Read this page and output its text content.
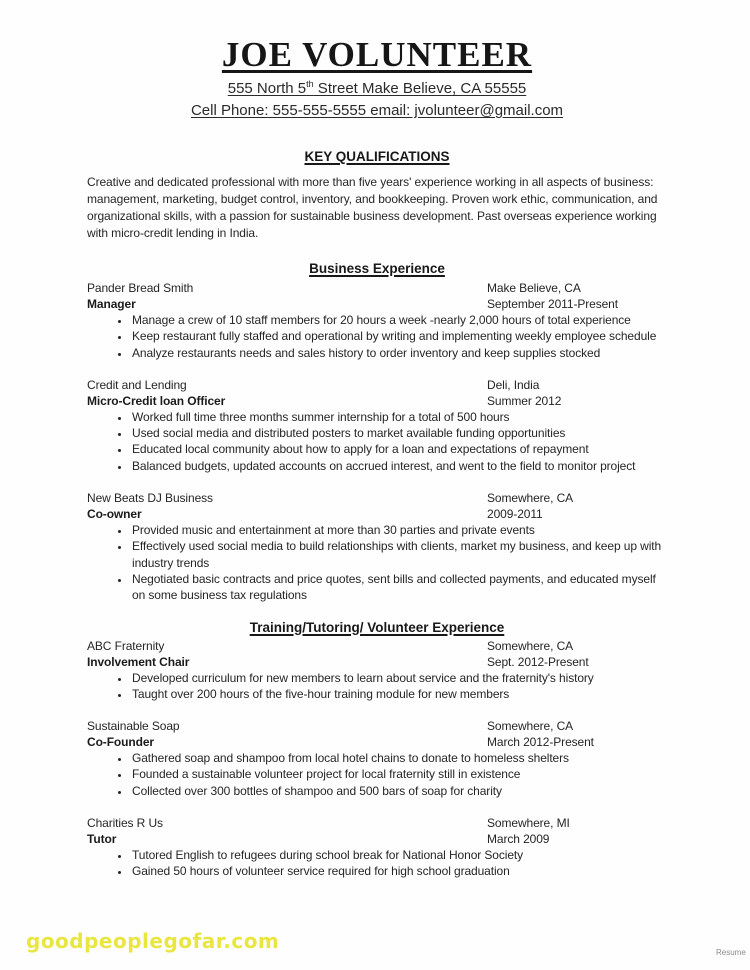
JOE VOLUNTEER
555 North 5th Street Make Believe, CA 55555
Cell Phone: 555-555-5555 email: jvolunteer@gmail.com
KEY QUALIFICATIONS

Creative and dedicated professional with more than five years' experience working in all aspects of business: management, marketing, budget control, inventory, and bookkeeping. Proven work ethic, communication, and organizational skills, with a passion for sustainable business development. Past overseas experience working with micro-credit lending in India.

Business Experience
Pander Bread Smith	Make Believe, CA
Manager	September 2011-Present
• Manage a crew of 10 staff members for 20 hours a week -nearly 2,000 hours of total experience
• Keep restaurant fully staffed and operational by writing and implementing weekly employee schedule
• Analyze restaurants needs and sales history to order inventory and keep supplies stocked
Credit and Lending	Deli, India
Micro-Credit loan Officer	Summer 2012
• Worked full time three months summer internship for a total of 500 hours
• Used social media and distributed posters to market available funding opportunities
• Educated local community about how to apply for a loan and expectations of repayment
• Balanced budgets, updated accounts on accrued interest, and went to the field to monitor project
New Beats DJ Business	Somewhere, CA
Co-owner	2009-2011
• Provided music and entertainment at more than 30 parties and private events
• Effectively used social media to build relationships with clients, market my business, and keep up with industry trends
• Negotiated basic contracts and price quotes, sent bills and collected payments, and educated myself on some business tax regulations
Training/Tutoring/ Volunteer Experience
ABC Fraternity	Somewhere, CA
Involvement Chair	Sept. 2012-Present
• Developed curriculum for new members to learn about service and the fraternity's history
• Taught over 200 hours of the five-hour training module for new members
Sustainable Soap	Somewhere, CA
Co-Founder	March 2012-Present
• Gathered soap and shampoo from local hotel chains to donate to homeless shelters
• Founded a sustainable volunteer project for local fraternity still in existence
• Collected over 300 bottles of shampoo and 500 bars of soap for charity
Charities R Us	Somewhere, MI
Tutor	March 2009
• Tutored English to refugees during school break for National Honor Society
• Gained 50 hours of volunteer service required for high school graduation
goodpeoplegofar.com	Resume
